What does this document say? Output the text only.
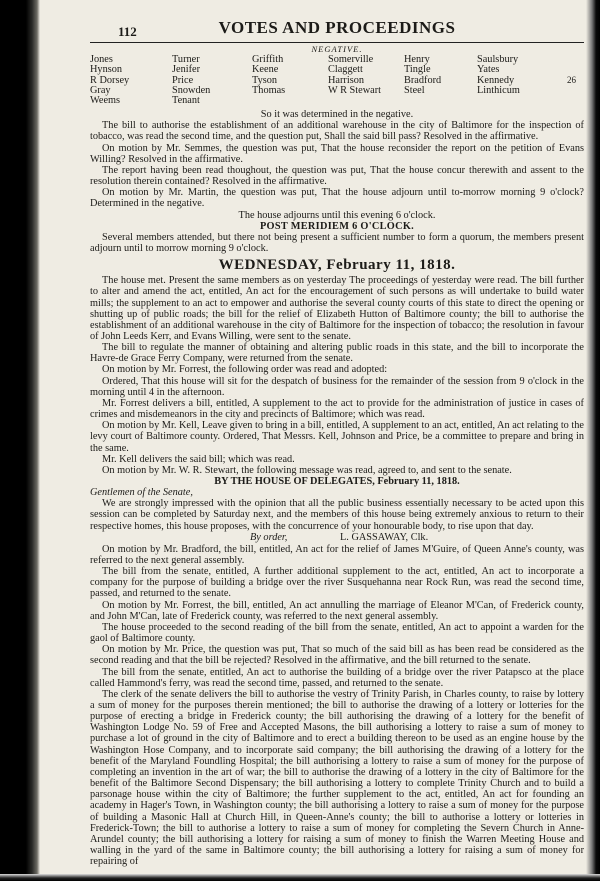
112	VOTES AND PROCEEDINGS
NEGATIVE.
Jones
Hynson
R Dorsey
Gray
Weems
Turner
Jenifer
Price
Snowden
Tenant
Griffith
Keene
Tyson
Thomas
Somerville
Claggett
Harrison
W R Stewart
Henry
Tingle
Bradford
Steel
Saulsbury
Yates
Kennedy
Linthicum
26

So it was determined in the negative.

The bill to authorise the establishment of an additional warehouse in the city of Baltimore for the inspection of tobacco, was read the second time, and the question put, Shall the said bill pass? Resolved in the affirmative.

On motion by Mr. Semmes, the question was put, That the house reconsider the report on the petition of Evans Willing? Resolved in the affirmative.

The report having been read thoughout, the question was put, That the house concur therewith and assent to the resolution therein contained? Resolved in the affirmative.

On motion by Mr. Martin, the question was put, That the house adjourn until to-morrow morning 9 o'clock? Determined in the negative.

The house adjourns until this evening 6 o'clock.

POST MERIDIEM 6 O'CLOCK.

Several members attended, but there not being present a sufficient number to form a quorum, the members present adjourn until to morrow morning 9 o'clock.

WEDNESDAY, February 11, 1818.

The house met. Present the same members as on yesterday The proceedings of yesterday were read. The bill further to alter and amend the act, entitled, An act for the encouragement of such persons as will undertake to build water mills; the supplement to an act to empower and authorise the several county courts of this state to direct the opening or shutting up of public roads; the bill for the relief of Elizabeth Hutton of Baltimore county; the bill to authorise the establishment of an additional warehouse in the city of Baltimore for the inspection of tobacco; the resolution in favour of John Leeds Kerr, and Evans Willing, were sent to the senate.

The bill to regulate the manner of obtaining and altering public roads in this state, and the bill to incorporate the Havre-de Grace Ferry Company, were returned from the senate.

On motion by Mr. Forrest, the following order was read and adopted:

Ordered, That this house will sit for the despatch of business for the remainder of the session from 9 o'clock in the morning until 4 in the afternoon.

Mr. Forrest delivers a bill, entitled, A supplement to the act to provide for the administration of justice in cases of crimes and misdemeanors in the city and precincts of Baltimore; which was read.

On motion by Mr. Kell, Leave given to bring in a bill, entitled, A supplement to an act, entitled, An act relating to the levy court of Baltimore county. Ordered, That Messrs. Kell, Johnson and Price, be a committee to prepare and bring in the same.

Mr. Kell delivers the said bill; which was read.

On motion by Mr. W. R. Stewart, the following message was read, agreed to, and sent to the senate.

BY THE HOUSE OF DELEGATES, February 11, 1818.

Gentlemen of the Senate,

We are strongly impressed with the opinion that all the public business essentially necessary to be acted upon this session can be completed by Saturday next, and the members of this house being extremely anxious to return to their respective homes, this house proposes, with the concurrence of your honourable body, to rise upon that day.

By order,	L. GASSAWAY, Clk.

On motion by Mr. Bradford, the bill, entitled, An act for the relief of James M'Guire, of Queen Anne's county, was referred to the next general assembly.

The bill from the senate, entitled, A further additional supplement to the act, entitled, An act to incorporate a company for the purpose of building a bridge over the river Susquehanna near Rock Run, was read the second time, passed, and returned to the senate.

On motion by Mr. Forrest, the bill, entitled, An act annulling the marriage of Eleanor M'Can, of Frederick county, and John M'Can, late of Frederick county, was referred to the next general assembly.

The house proceeded to the second reading of the bill from the senate, entitled, An act to appoint a warden for the gaol of Baltimore county.

On motion by Mr. Price, the question was put, That so much of the said bill as has been read be considered as the second reading and that the bill be rejected? Resolved in the affirmative, and the bill returned to the senate.

The bill from the senate, entitled, An act to authorise the building of a bridge over the river Patapsco at the place called Hammond's ferry, was read the second time, passed, and returned to the senate.

The clerk of the senate delivers the bill to authorise the vestry of Trinity Parish, in Charles county, to raise by lottery a sum of money for the purposes therein mentioned; the bill to authorise the drawing of a lottery or lotteries for the purpose of erecting a bridge in Frederick county; the bill authorising the drawing of a lottery for the benefit of Washington Lodge No. 59 of Free and Accepted Masons, the bill authorising a lottery to raise a sum of money to purchase a lot of ground in the city of Baltimore and to erect a building thereon to be used as an engine house by the Washington Hose Company, and to incorporate said company; the bill authorising the drawing of a lottery for the benefit of the Maryland Foundling Hospital; the bill authorising a lottery to raise a sum of money for the purpose of completing an invention in the art of war; the bill to authorise the drawing of a lottery in the city of Baltimore for the benefit of the Baltimore Second Dispensary; the bill authorising a lottery to complete Trinity Church and to build a parsonage house within the city of Baltimore; the further supplement to the act, entitled, An act for founding an academy in Hager's Town, in Washington county; the bill authorising a lottery to raise a sum of money for the purpose of building a Masonic Hall at Church Hill, in Queen-Anne's county; the bill to authorise a lottery or lotteries in Frederick-Town; the bill to authorise a lottery to raise a sum of money for completing the Severn Church in Anne-Arundel county; the bill authorising a lottery for raising a sum of money to finish the Warren Meeting House and walling in the yard of the same in Baltimore county; the bill authorising a lottery for raising a sum of money for repairing of
